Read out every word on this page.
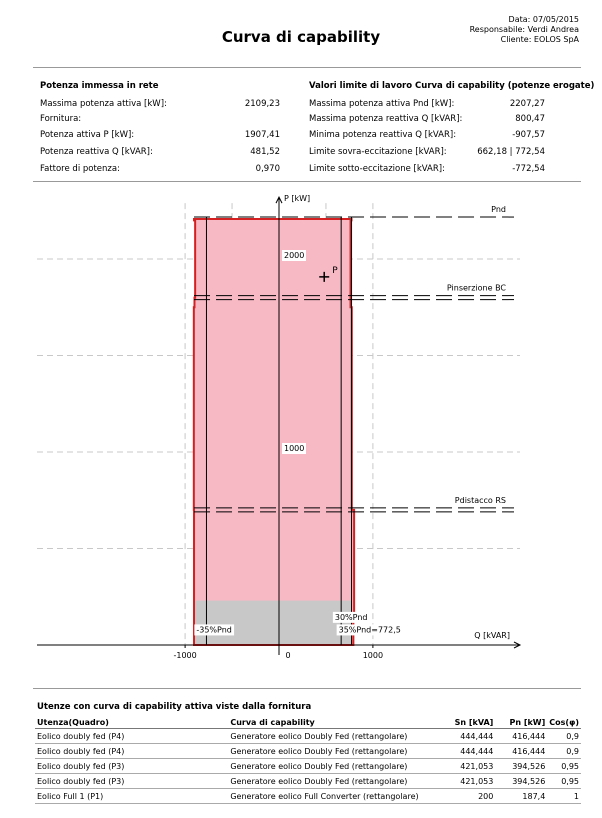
Curva di capability
Data: 07/05/2015
Responsabile: Verdi Andrea
Cliente: EOLOS SpA
Potenza immessa in rete
Massima potenza attiva [kW]:	2109,23
Fornitura:
Potenza attiva P [kW]:	1907,41
Potenza reattiva Q [kVAR]:	481,52
Fattore di potenza:	0,970
Valori limite di lavoro Curva di capability (potenze erogate)
Massima potenza attiva Pnd [kW]:	2207,27
Massima potenza reattiva Q [kVAR]:	800,47
Minima potenza reattiva Q [kVAR]:	-907,57
Limite sovra-eccitazione [kVAR]:	662,18 | 772,54
Limite sotto-eccitazione [kVAR]:	-772,54
Pnd
Pinserzione BC
Pdistacco RS
P [kW]
Q [kVAR]
-1000	0	1000
1000
2000
-35%Pnd
30%Pnd
35%Pnd=772,5
P
Utenze con curva di capability attiva viste dalla fornitura
Utenza(Quadro)	Curva di capability	Sn [kVA]	Pn [kW]	Cos(φ)
Eolico doubly fed (P4)	Generatore eolico Doubly Fed (rettangolare)	444,444	416,444	0,9
Eolico doubly fed (P4)	Generatore eolico Doubly Fed (rettangolare)	444,444	416,444	0,9
Eolico doubly fed (P3)	Generatore eolico Doubly Fed (rettangolare)	421,053	394,526	0,95
Eolico doubly fed (P3)	Generatore eolico Doubly Fed (rettangolare)	421,053	394,526	0,95
Eolico Full 1 (P1)	Generatore eolico Full Converter (rettangolare)	200	187,4	1
